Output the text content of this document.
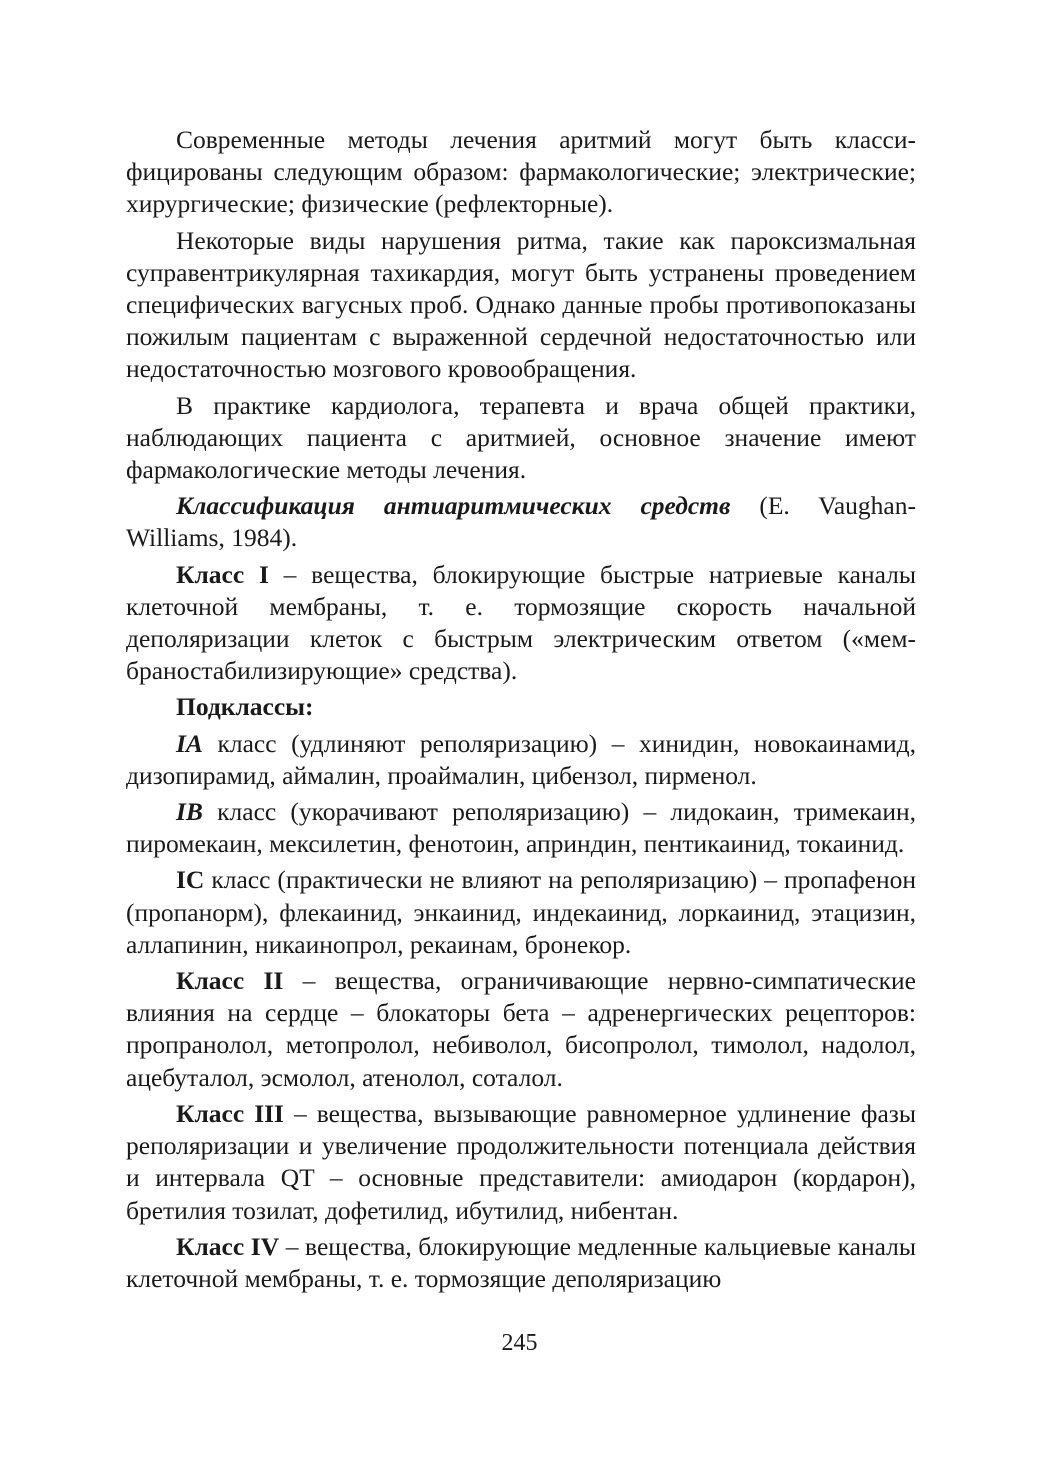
Современные методы лечения аритмий могут быть классифицированы следующим образом: фармакологические; электрические; хирургические; физические (рефлекторные).

Некоторые виды нарушения ритма, такие как пароксизмальная суправентрикулярная тахикардия, могут быть устранены проведением специфических вагусных проб. Однако данные пробы противопоказаны пожилым пациентам с выраженной сердечной недостаточностью или недостаточностью мозгового кровообращения.

В практике кардиолога, терапевта и врача общей практики, наблюдающих пациента с аритмией, основное значение имеют фармакологические методы лечения.

Классификация антиаритмических средств (E. Vaughan-Williams, 1984).

Класс I – вещества, блокирующие быстрые натриевые каналы клеточной мембраны, т. е. тормозящие скорость начальной деполяризации клеток с быстрым электрическим ответом («мембраностабилизирующие» средства).

Подклассы:

IA класс (удлиняют реполяризацию) – хинидин, новокаинамид, дизопирамид, аймалин, проаймалин, цибензол, пирменол.

IB класс (укорачивают реполяризацию) – лидокаин, тримекаин, пиромекаин, мексилетин, фенотоин, априндин, пентикаинид, токаинид.

IC класс (практически не влияют на реполяризацию) – пропафенон (пропанорм), флекаинид, энкаинид, индекаинид, лоркаинид, этацизин, аллапинин, никаинопрол, рекаинам, бронекор.

Класс II – вещества, ограничивающие нервно-симпатические влияния на сердце – блокаторы бета – адренергических рецепторов: пропранолол, метопролол, небиволол, бисопролол, тимолол, надолол, ацебуталол, эсмолол, атенолол, соталол.

Класс III – вещества, вызывающие равномерное удлинение фазы реполяризации и увеличение продолжительности потенциала действия и интервала QT – основные представители: амиодарон (кордарон), бретилия тозилат, дофетилид, ибутилид, нибентан.

Класс IV – вещества, блокирующие медленные кальциевые каналы клеточной мембраны, т. е. тормозящие деполяризацию

245
